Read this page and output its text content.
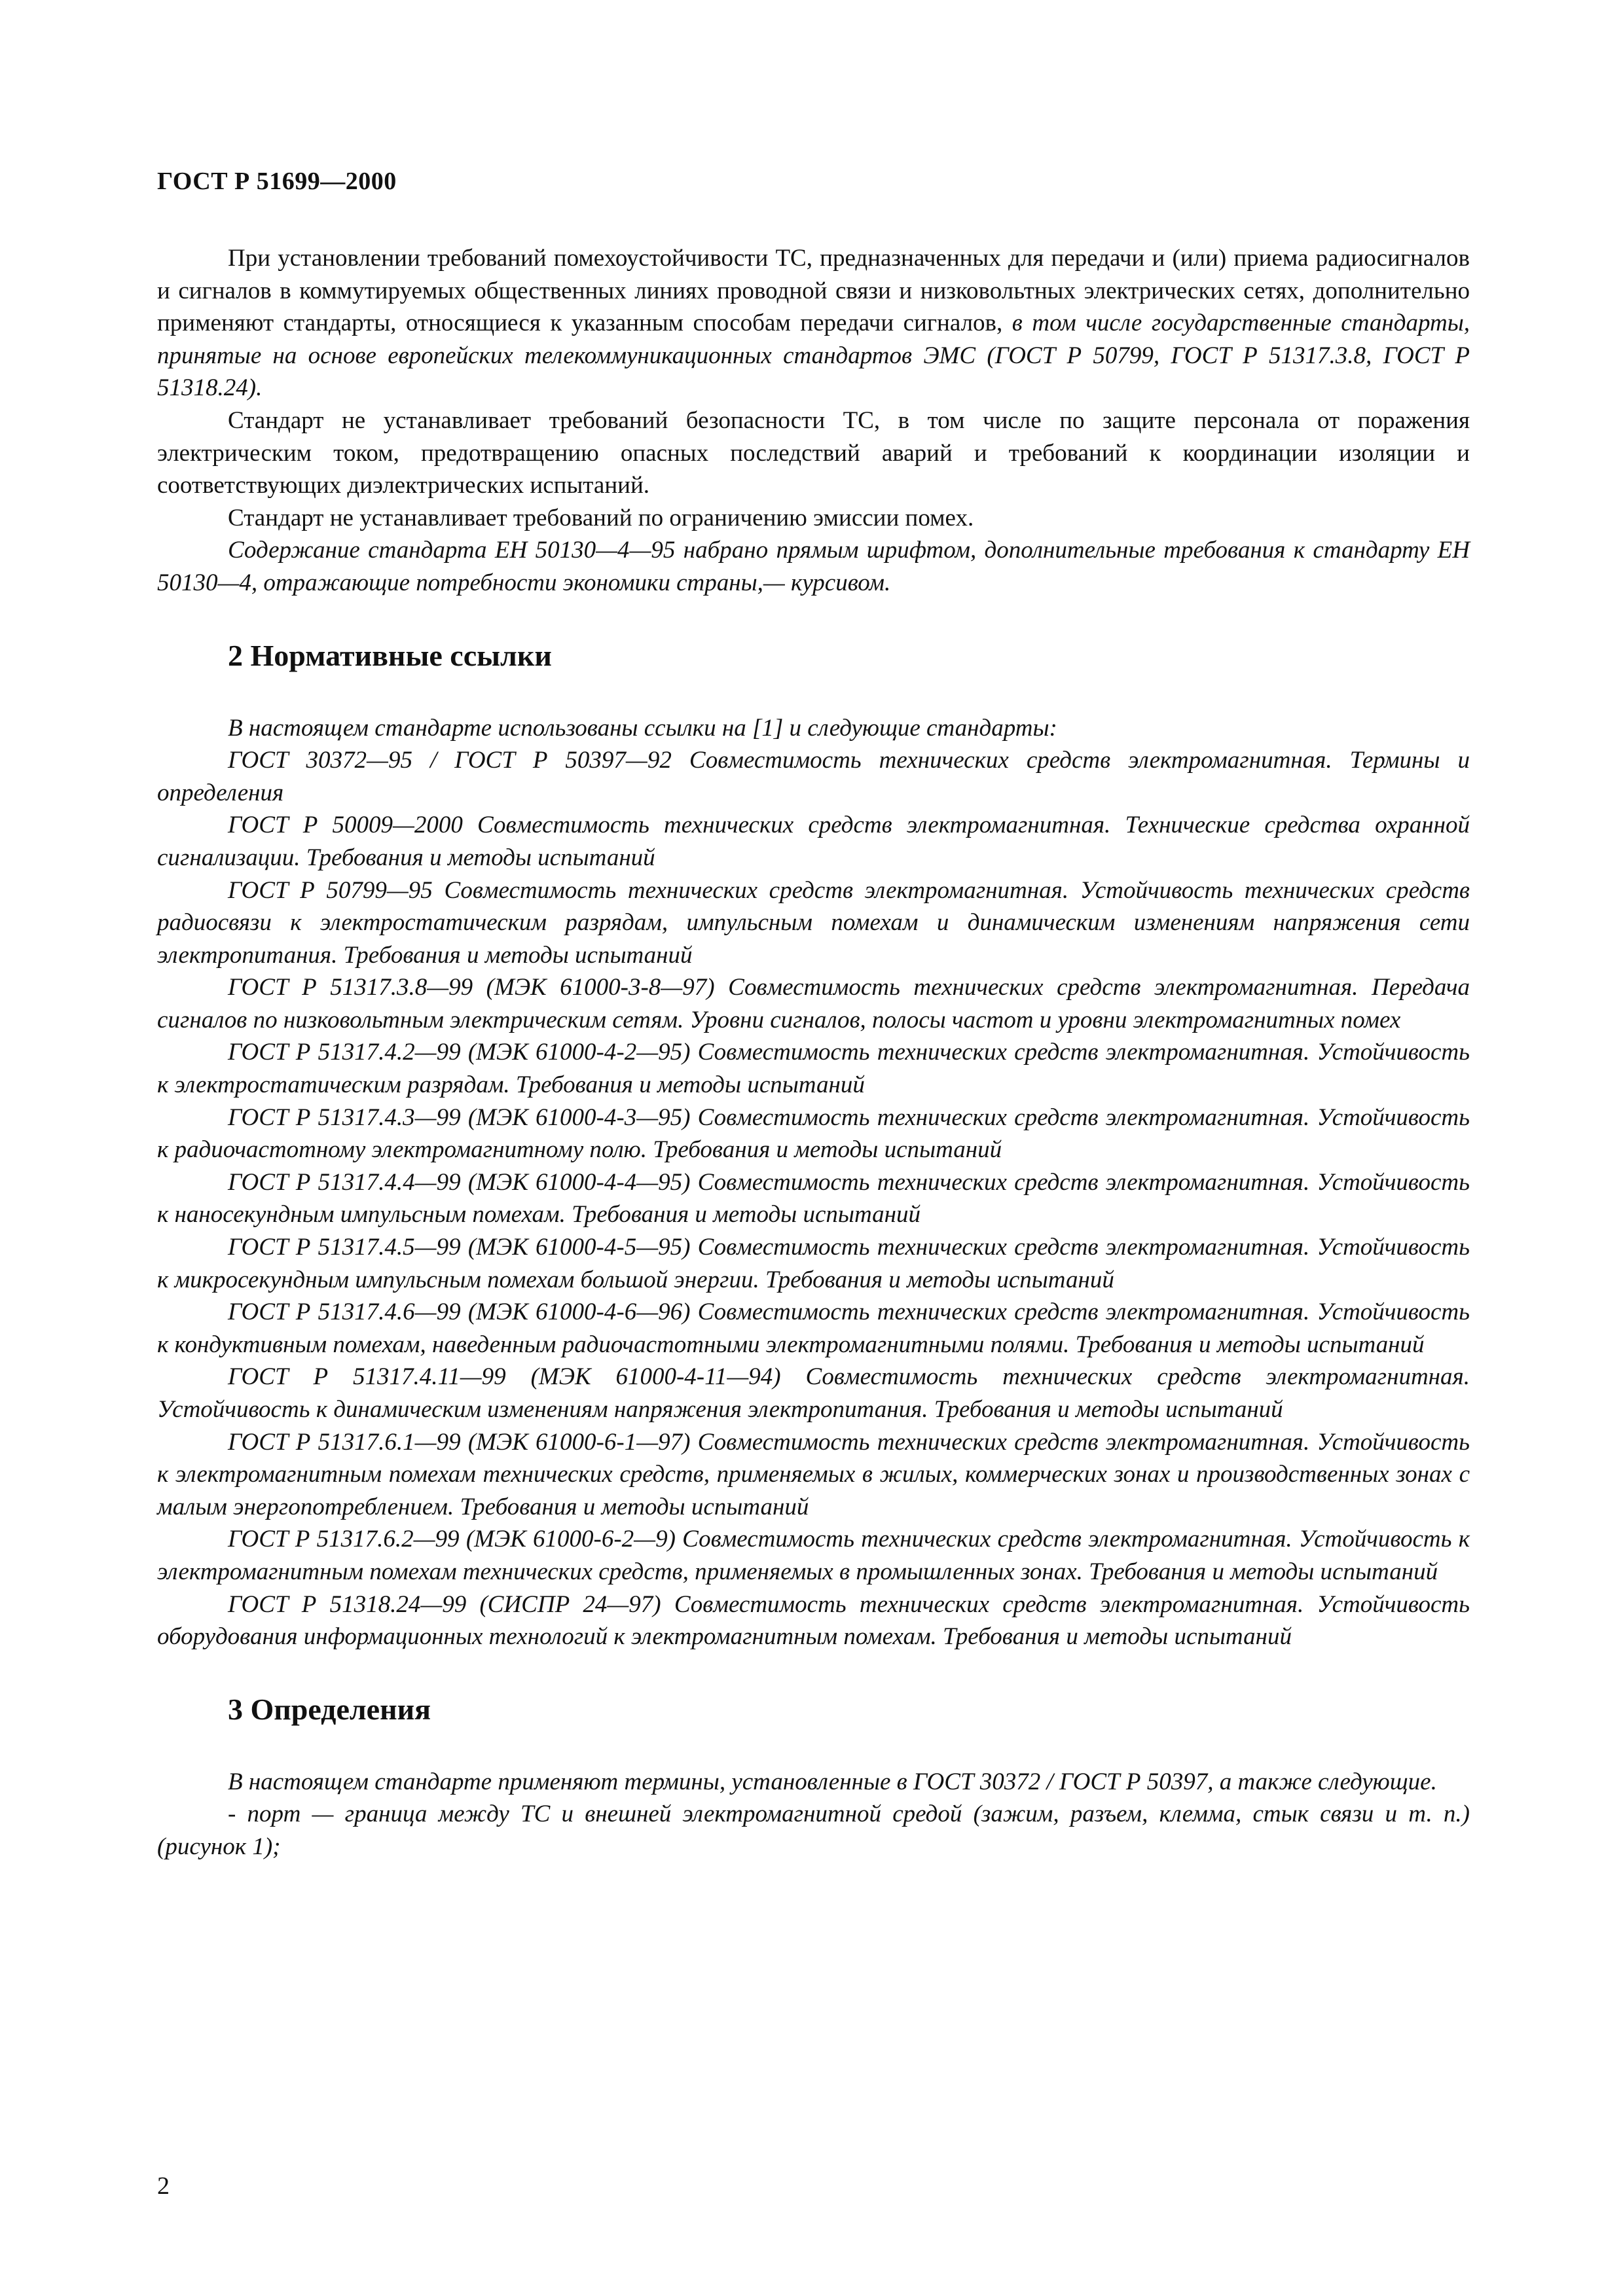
ГОСТ Р 51699—2000

При установлении требований помехоустойчивости ТС, предназначенных для передачи и (или) приема радиосигналов и сигналов в коммутируемых общественных линиях проводной связи и низковольтных электрических сетях, дополнительно применяют стандарты, относящиеся к указанным способам передачи сигналов, в том числе государственные стандарты, принятые на основе европейских телекоммуникационных стандартов ЭМС (ГОСТ Р 50799, ГОСТ Р 51317.3.8, ГОСТ Р 51318.24).

Стандарт не устанавливает требований безопасности ТС, в том числе по защите персонала от поражения электрическим током, предотвращению опасных последствий аварий и требований к координации изоляции и соответствующих диэлектрических испытаний.

Стандарт не устанавливает требований по ограничению эмиссии помех.

Содержание стандарта ЕН 50130—4—95 набрано прямым шрифтом, дополнительные требования к стандарту ЕН 50130—4, отражающие потребности экономики страны,— курсивом.

2 Нормативные ссылки

В настоящем стандарте использованы ссылки на [1] и следующие стандарты:

ГОСТ 30372—95 / ГОСТ Р 50397—92 Совместимость технических средств электромагнитная. Термины и определения

ГОСТ Р 50009—2000 Совместимость технических средств электромагнитная. Технические средства охранной сигнализации. Требования и методы испытаний

ГОСТ Р 50799—95 Совместимость технических средств электромагнитная. Устойчивость технических средств радиосвязи к электростатическим разрядам, импульсным помехам и динамическим изменениям напряжения сети электропитания. Требования и методы испытаний

ГОСТ Р 51317.3.8—99 (МЭК 61000-3-8—97) Совместимость технических средств электромагнитная. Передача сигналов по низковольтным электрическим сетям. Уровни сигналов, полосы частот и уровни электромагнитных помех

ГОСТ Р 51317.4.2—99 (МЭК 61000-4-2—95) Совместимость технических средств электромагнитная. Устойчивость к электростатическим разрядам. Требования и методы испытаний

ГОСТ Р 51317.4.3—99 (МЭК 61000-4-3—95) Совместимость технических средств электромагнитная. Устойчивость к радиочастотному электромагнитному полю. Требования и методы испытаний

ГОСТ Р 51317.4.4—99 (МЭК 61000-4-4—95) Совместимость технических средств электромагнитная. Устойчивость к наносекундным импульсным помехам. Требования и методы испытаний

ГОСТ Р 51317.4.5—99 (МЭК 61000-4-5—95) Совместимость технических средств электромагнитная. Устойчивость к микросекундным импульсным помехам большой энергии. Требования и методы испытаний

ГОСТ Р 51317.4.6—99 (МЭК 61000-4-6—96) Совместимость технических средств электромагнитная. Устойчивость к кондуктивным помехам, наведенным радиочастотными электромагнитными полями. Требования и методы испытаний

ГОСТ Р 51317.4.11—99 (МЭК 61000-4-11—94) Совместимость технических средств электромагнитная. Устойчивость к динамическим изменениям напряжения электропитания. Требования и методы испытаний

ГОСТ Р 51317.6.1—99 (МЭК 61000-6-1—97) Совместимость технических средств электромагнитная. Устойчивость к электромагнитным помехам технических средств, применяемых в жилых, коммерческих зонах и производственных зонах с малым энергопотреблением. Требования и методы испытаний

ГОСТ Р 51317.6.2—99 (МЭК 61000-6-2—9) Совместимость технических средств электромагнитная. Устойчивость к электромагнитным помехам технических средств, применяемых в промышленных зонах. Требования и методы испытаний

ГОСТ Р 51318.24—99 (СИСПР 24—97) Совместимость технических средств электромагнитная. Устойчивость оборудования информационных технологий к электромагнитным помехам. Требования и методы испытаний

3 Определения

В настоящем стандарте применяют термины, установленные в ГОСТ 30372 / ГОСТ Р 50397, а также следующие.

- порт — граница между ТС и внешней электромагнитной средой (зажим, разъем, клемма, стык связи и т. п.) (рисунок 1);

2
